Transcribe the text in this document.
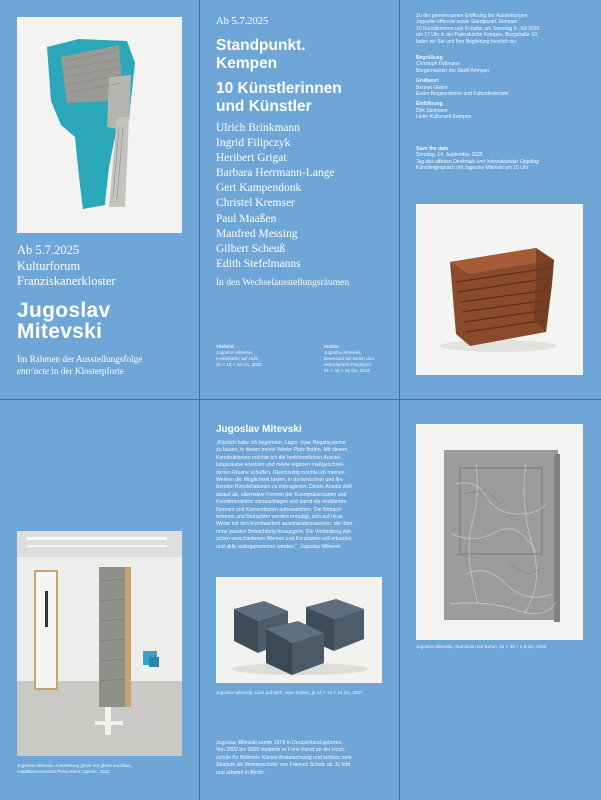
Ab 5.7.2025
Kulturforum
Franziskanerkloster
Jugoslav Mitevski
Im Rahmen der Ausstellungsfolge
entr'acte in der Klosterpforte
Ab 5.7.2025
Standpunkt.
Kempen
10 Künstlerinnen
und Künstler
Ulrich Brinkmann
Ingrid Filipczyk
Heribert Grigat
Barbara Herrmann-Lange
Gert Kampendonk
Christel Kremser
Paul Maaßen
Manfred Messing
Gilbert Scheuß
Edith Stefelmanns
In den Wechselausstellungsräumen
Titelbild
Jugoslav Mitevski,
Kreidefarbe auf Holz,
34 × 18 × 10 cm, 2020
rechts:
Jugoslav Mitevski,
Eisenoxid auf Beton und
extrudiertem Polystyrol
51 × 42 × 34 cm, 2019
Zu der gemeinsamen Eröffnung der Ausstellungen
Jugoslav Mitevski sowie Standpunkt. Kempen
10 Künstlerinnen und Künstler am Samstag 5. Juli 2025
um 17 Uhr in der Paterskirche Kempen, Burgstraße 19,
laden wir Sie und Ihre Begleitung herzlich ein.
Begrüßung
Christoph Dellmans
Bürgermeister der Stadt Kempen
Grußwort
Bennet Gielen
Erster Beigeordneter und Kulturdezernent
Einführung
Dirk Steimann
Leiter Kulturamt Kempen
Save the date
Sonntag, 14. September 2025
Tag des offenen Denkmals und Internationaler Orgeltag
Künstlergespräch mit Jugoslav Mitevski um 15 Uhr
Jugoslav Mitevski, Ausstellung ghost not ghost and blue,
Installationsansicht Petra Rinck Galerie, 2022
Jugoslav Mitevski
„Kürzlich habe ich begonnen, Lager- bzw. Regalsysteme
zu bauen, in denen meine Werke Platz finden. Mit diesen
Konstruktionen möchte ich die herkömmlichen Ausstel-
lungsräume ersetzen und meine eigenen maßgeschnei-
derten Räume schaffen. Gleichzeitig möchte ich meinen
Werken die Möglichkeit bieten, in dynamischen und flie-
ßenden Konstellationen zu interagieren. Dieser Ansatz zielt
darauf ab, alternative Formen der Kunstpräsentation und
Kunstinteraktion vorzuschlagen und damit die etablierten
Normen und Konventionen aufzuweichen. Die Betrach-
terinnen und Betrachter werden ermutigt, sich auf neue
Weise mit den Kunstwerken auseinanderzusetzen, die über
reine passive Betrachtung hinausgeht. Die Verbindung zwi-
schen verschiedenen Werken und Konzepten soll erkundet
und aktiv wahrgenommen werden.“ Jugoslav Mitevski
Jugoslav Mitevski, Lack auf MdF, neun Kuben, je 14 × 14 × 14 cm, 2007
Jugoslav Mitevski wurde 1978 in Deutschland geboren.
Von 2002 bis 2009 studierte er Freie Kunst an der Hoch-
schule für Bildende Künste Braunschweig und schloss sein
Studium als Meisterschüler von Frances Scholz ab. Er lebt
und arbeitet in Berlin.
Jugoslav Mitevski, Aluminium auf Beton, 41 × 33 × 2,8 cm, 2022
